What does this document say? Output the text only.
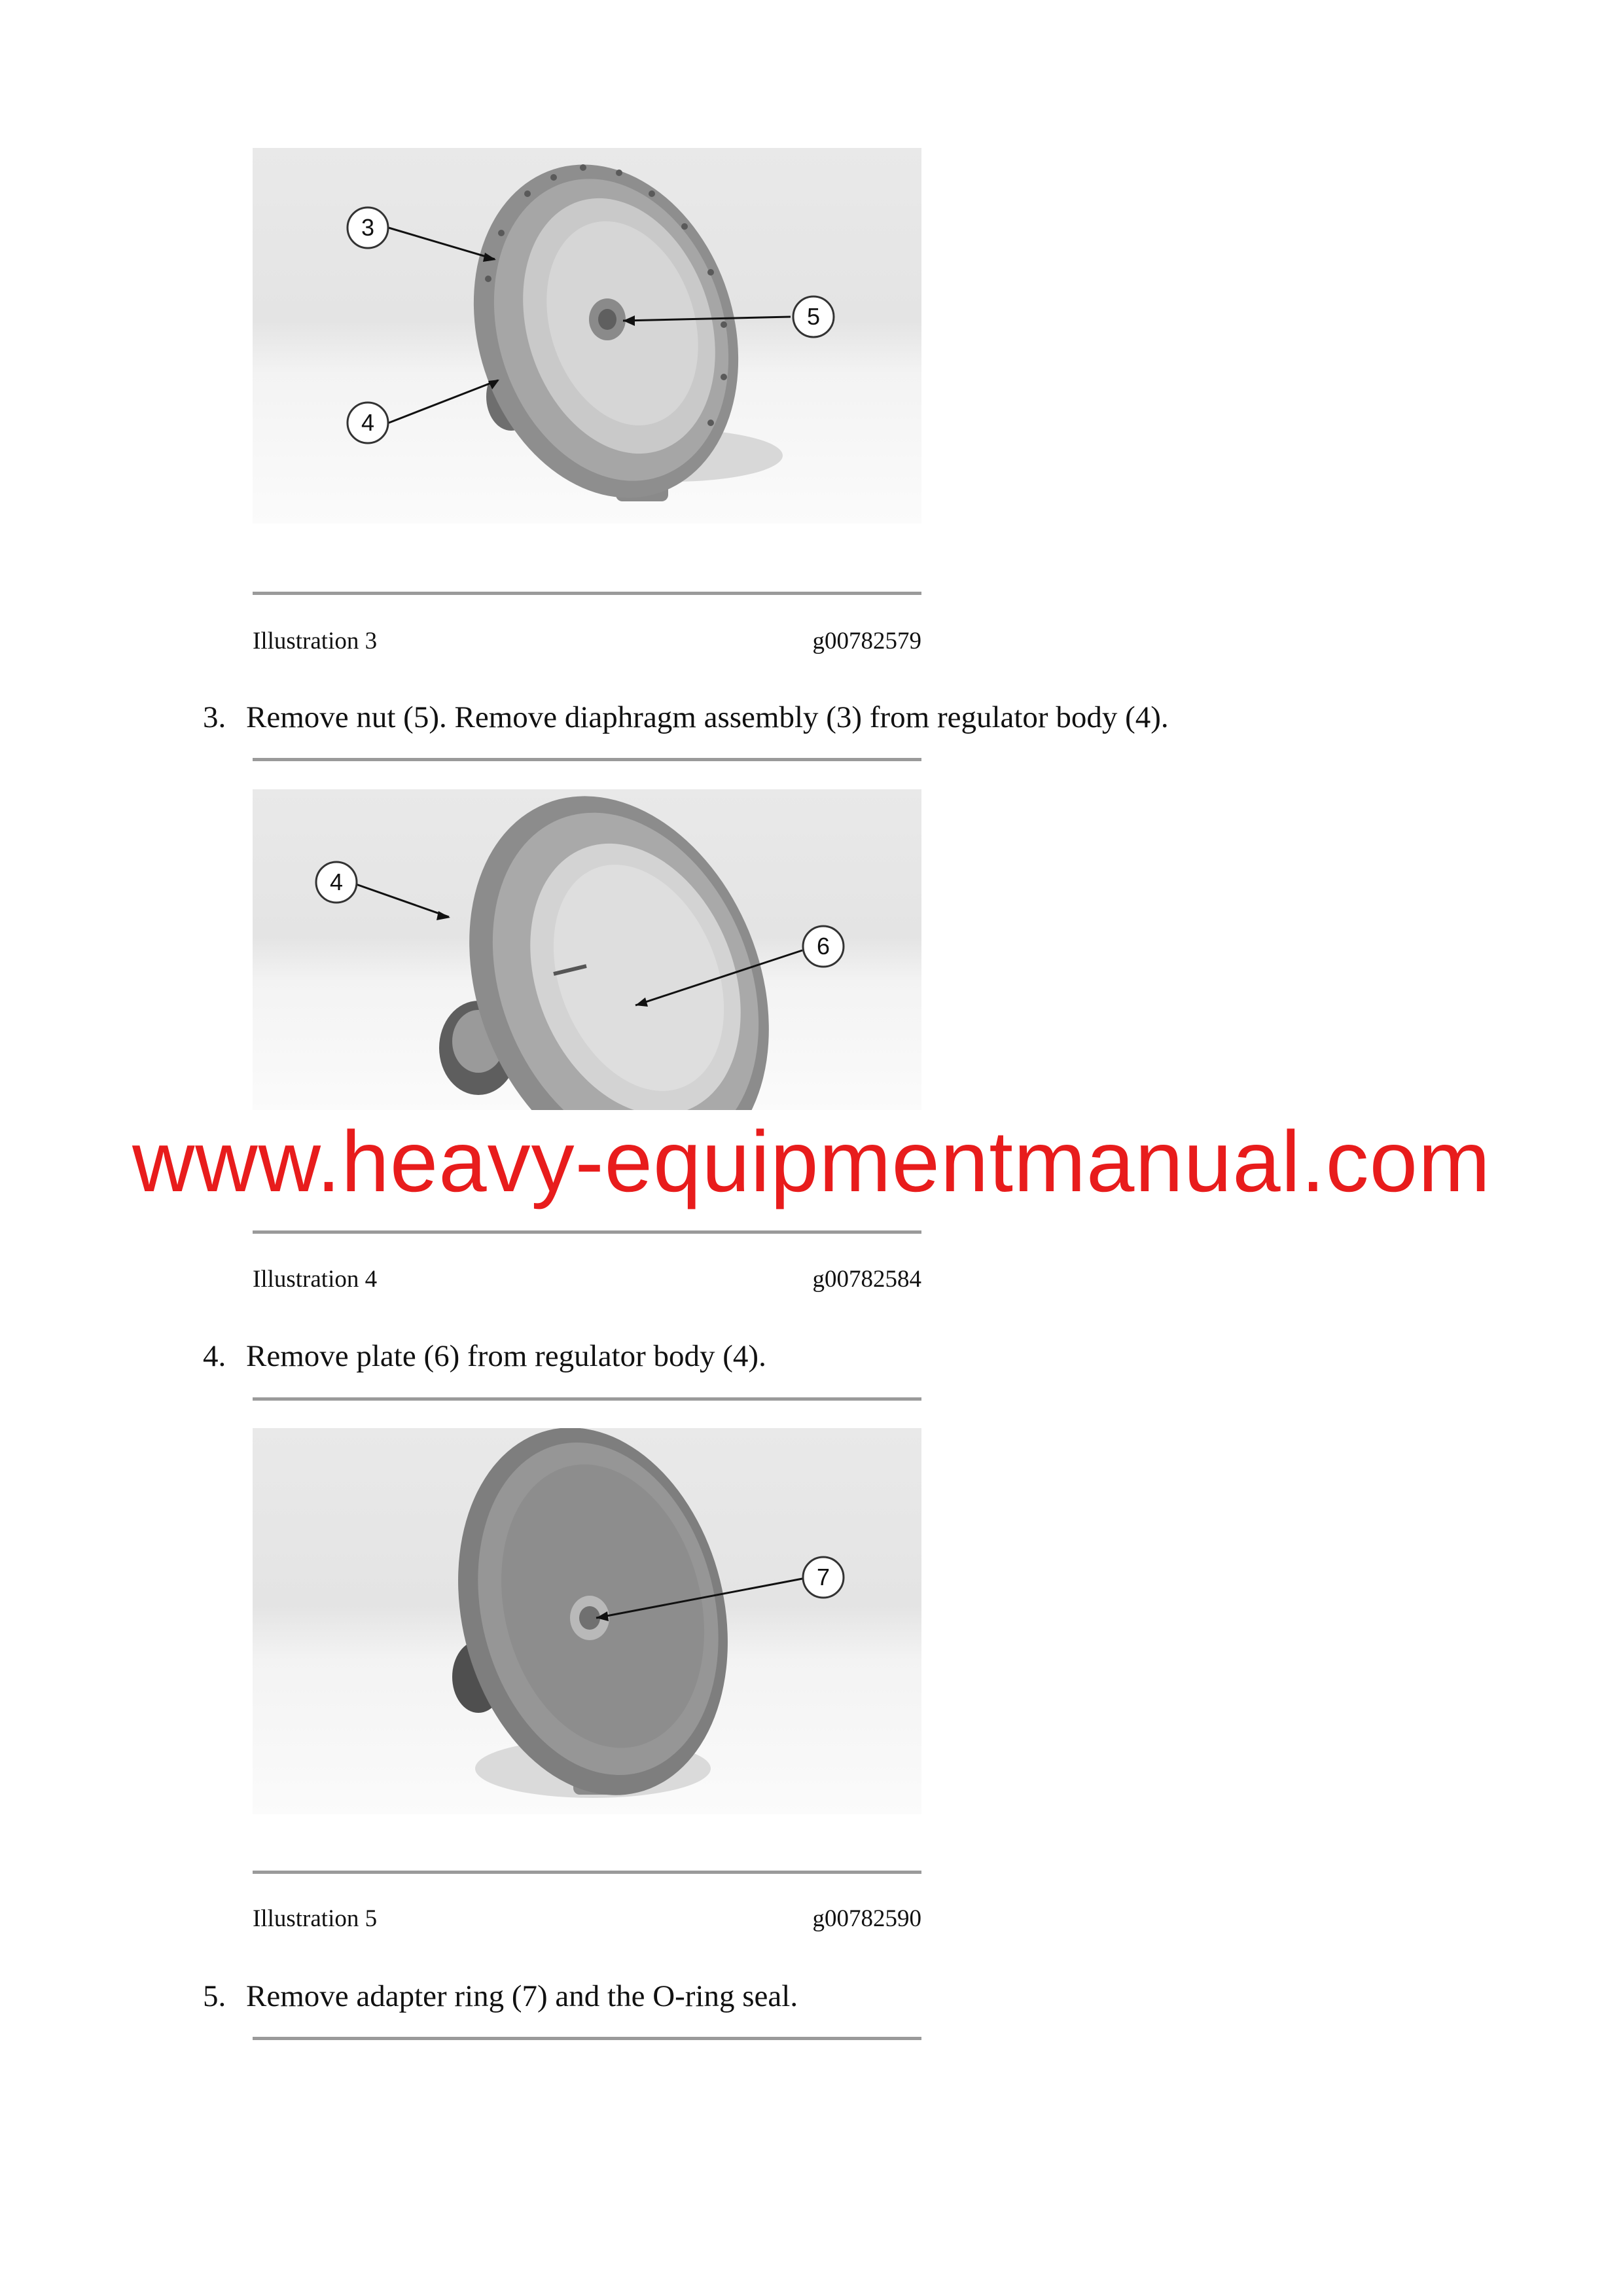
3
5
4
Illustration 3	g00782579
3. Remove nut (5). Remove diaphragm assembly (3) from regulator body (4).
4
6
www.heavy-equipmentmanual.com
Illustration 4	g00782584
4. Remove plate (6) from regulator body (4).
7
Illustration 5	g00782590
5. Remove adapter ring (7) and the O-ring seal.
